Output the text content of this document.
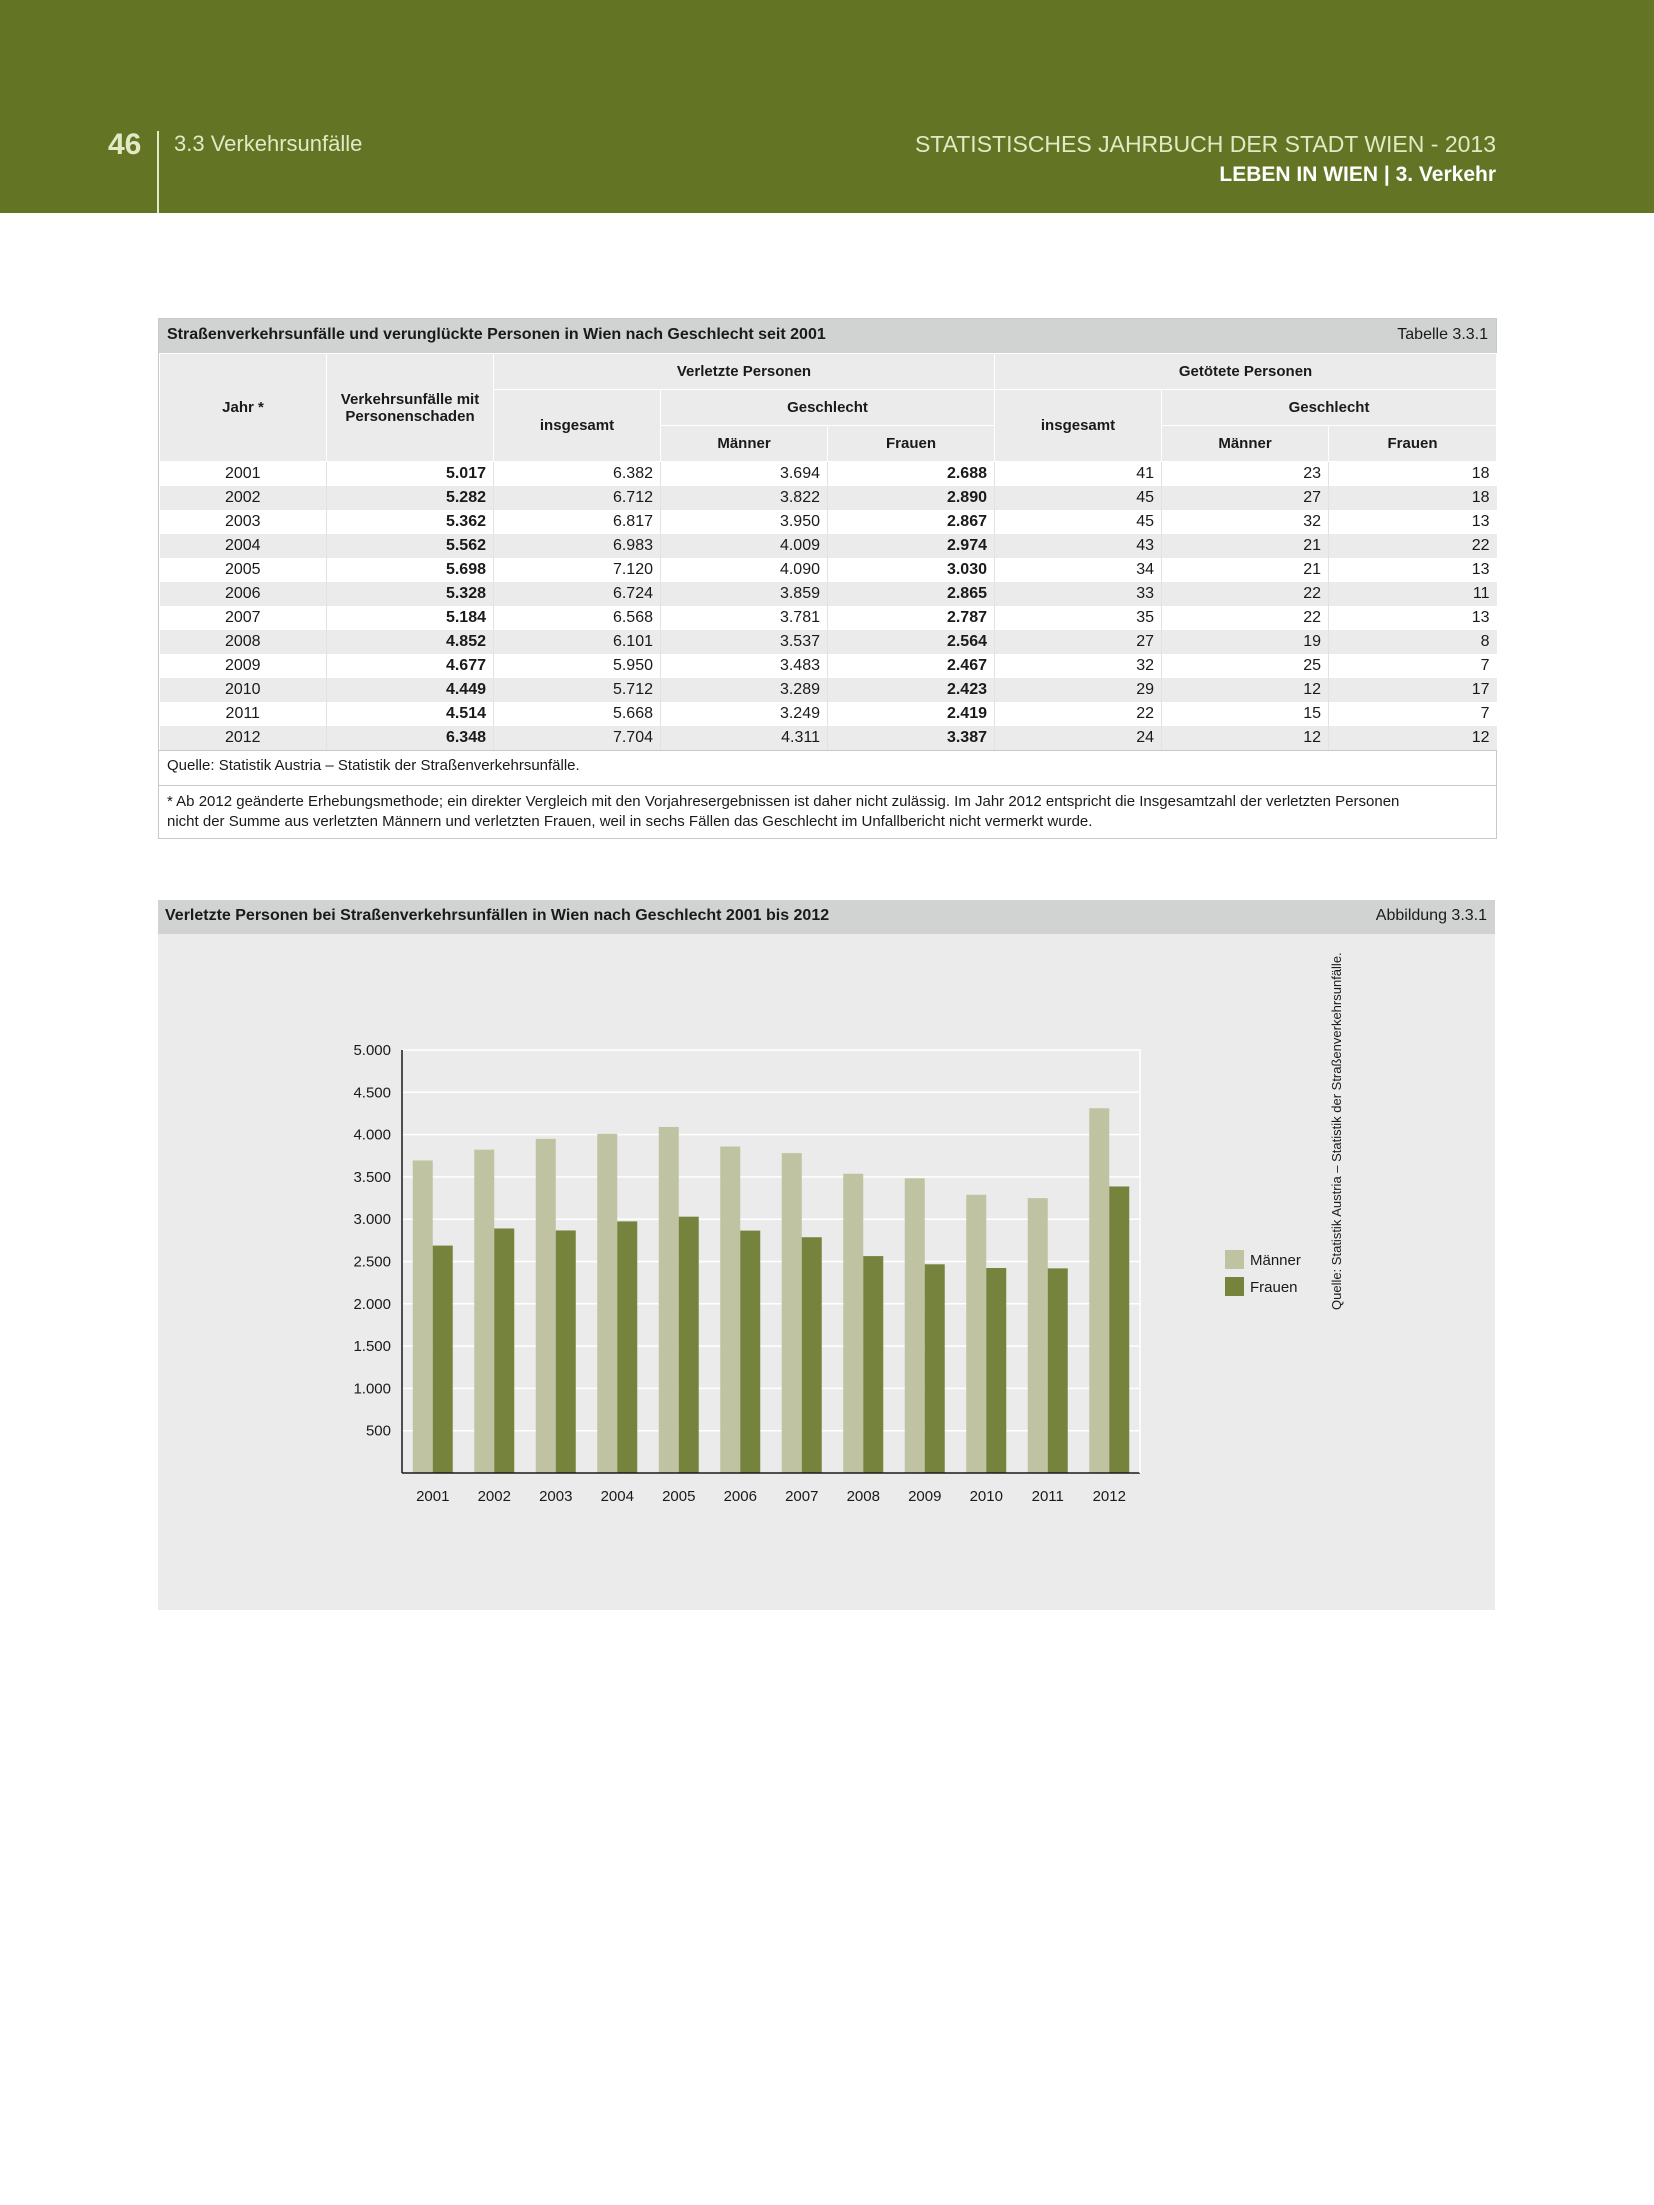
46 3.3 Verkehrsunfälle	STATISTISCHES JAHRBUCH DER STADT WIEN - 2013
LEBEN IN WIEN | 3. Verkehr
Straßenverkehrsunfälle und verunglückte Personen in Wien nach Geschlecht seit 2001	Tabelle 3.3.1
Jahr *	Verkehrsunfälle mit Personenschaden	Verletzte Personen			Getötete Personen		
		insgesamt	Geschlecht		insgesamt	Geschlecht	
			Männer	Frauen		Männer	Frauen
2001	5.017	6.382	3.694	2.688	41	23	18
2002	5.282	6.712	3.822	2.890	45	27	18
2003	5.362	6.817	3.950	2.867	45	32	13
2004	5.562	6.983	4.009	2.974	43	21	22
2005	5.698	7.120	4.090	3.030	34	21	13
2006	5.328	6.724	3.859	2.865	33	22	11
2007	5.184	6.568	3.781	2.787	35	22	13
2008	4.852	6.101	3.537	2.564	27	19	8
2009	4.677	5.950	3.483	2.467	32	25	7
2010	4.449	5.712	3.289	2.423	29	12	17
2011	4.514	5.668	3.249	2.419	22	15	7
2012	6.348	7.704	4.311	3.387	24	12	12
Quelle: Statistik Austria – Statistik der Straßenverkehrsunfälle.
* Ab 2012 geänderte Erhebungsmethode; ein direkter Vergleich mit den Vorjahresergebnissen ist daher nicht zulässig. Im Jahr 2012 entspricht die Insgesamtzahl der verletzten Personen
nicht der Summe aus verletzten Männern und verletzten Frauen, weil in sechs Fällen das Geschlecht im Unfallbericht nicht vermerkt wurde.
Verletzte Personen bei Straßenverkehrsunfällen in Wien nach Geschlecht 2001 bis 2012	Abbildung 3.3.1
500
1.000
1.500
2.000
2.500
3.000
3.500
4.000
4.500
5.000
2001 2002 2003 2004 2005 2006 2007 2008 2009 2010 2011 2012
Männer
Frauen Quelle: Statistik Austria – Statistik der Straßenverkehrsunfälle.
